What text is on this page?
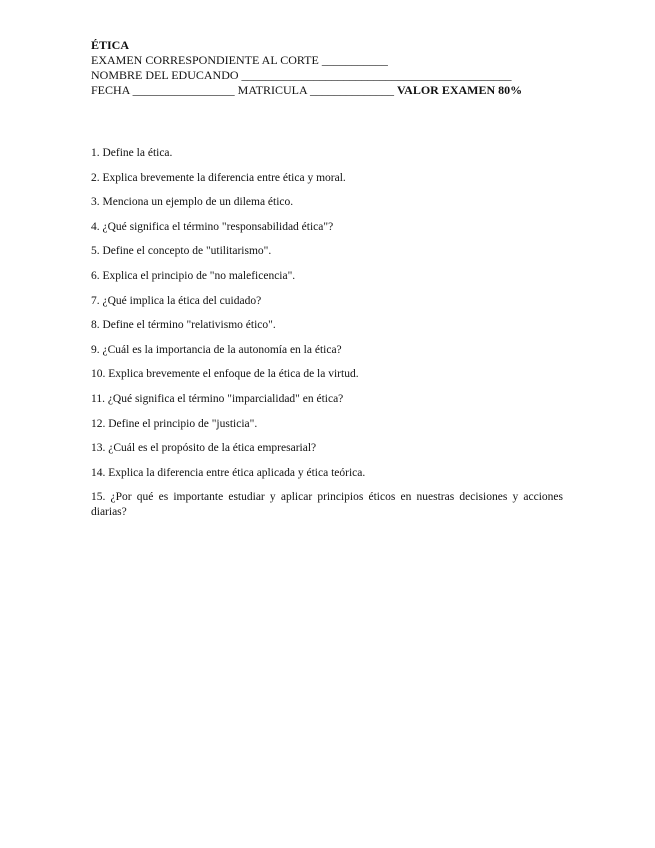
ÉTICA
EXAMEN CORRESPONDIENTE AL CORTE ___________
NOMBRE DEL EDUCANDO _____________________________________________
FECHA _________________ MATRICULA ______________ VALOR EXAMEN 80%
1. Define la ética.
2. Explica brevemente la diferencia entre ética y moral.
3. Menciona un ejemplo de un dilema ético.
4. ¿Qué significa el término "responsabilidad ética"?
5. Define el concepto de "utilitarismo".
6. Explica el principio de "no maleficencia".
7. ¿Qué implica la ética del cuidado?
8. Define el término "relativismo ético".
9. ¿Cuál es la importancia de la autonomía en la ética?
10. Explica brevemente el enfoque de la ética de la virtud.
11. ¿Qué significa el término "imparcialidad" en ética?
12. Define el principio de "justicia".
13. ¿Cuál es el propósito de la ética empresarial?
14. Explica la diferencia entre ética aplicada y ética teórica.
15. ¿Por qué es importante estudiar y aplicar principios éticos en nuestras decisiones y acciones diarias?
